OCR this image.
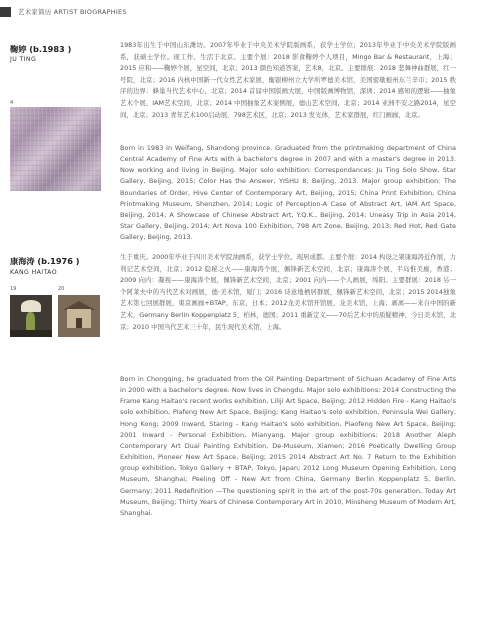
艺术家简历 ARTIST BIOGRAPHIES
鞠婷 (b.1983 )
JU TING
4
1983年出生于中国山东潍坊。2007年毕业于中央美术学院版画系，获学士学位；2013年毕业于中央美术学院版画系，获硕士学位。现工作、生活于北京。主要个展：2018 影食鞠婷个人项目，Mingo Bar & Restaurant，上海；2015 应和——鞠婷个展，星空间，北京；2013 颜色知道答案，艺术8，北京。主要群展：2018 悲舞神曲群展，红一号院，北京；2016 内核中国新一代女性艺术家展，衡银柳州立大学所罗德美术馆，美国密歇根州东兰辛市；2015 秩序的边界：蜂巢当代艺术中心，北京；2014 首届中国版画大展，中国版画博物馆，深圳；2014 感知的逻辑——抽象艺术个展，IAM艺术空间，北京；2014 中国抽象艺术案例展，德山艺术空间，北京；2014 亚洲不安之路2014，星空间，北京；2013 青年艺术100启动展，798艺术区，北京；2013 发光体，艺术家群展，红门画廊，北京。
Born in 1983 in Weifang, Shandong province. Graduated from the printmaking department of China Central Academy of Fine Arts with a bachelor's degree in 2007 and with a master's degree in 2013. Now working and living in Beijing. Major solo exhibition: Correspondances: Ju Ting Solo Show, Star Gallery, Beijing, 2015; Color Has the Answer, YISHU 8, Beijing, 2013. Major group exhibition: The Boundaries of Order, Hive Center of Contemporary Art, Beijing, 2015; China Print Exhibition, China Printmaking Museum, Shenzhen, 2014; Logic of Perception-A Case of Abstract Art, IAM Art Space, Beijing, 2014; A Showcase of Chinese Abstract Art, Y.Q.K., Beijing, 2014; Uneasy Trip in Asia 2014, Star Gallery, Beijing, 2014; Art Nova 100 Exhibition, 798 Art Zone, Beijing, 2013; Red Hot, Red Gate Gallery, Beijing, 2013.
康海涛 (b.1976 )
KANG HAITAO
19	20
生于重庆。2000年毕业于四川美术学院油画系，获学士学位。现居成都。主要个展：2014 构设之架康海涛近作展，力利记艺术空间，北京；2012 隐秘之火——康海涛个展，佩锋新艺术空间，北京；康海涛个展，半岛惟美廊，香港；2009 向内：凝视——康海涛个展，佩锋新艺术空间，北京；2001 向内——个人画展，绵阳。主要群展：2018 另一个阿莱夫中的当代艺术对画展，德·美术馆，厦门；2016 诗意地栖居群展，佩锋新艺术空间，北京；2015 2014独象艺术第七回展群展，東京画廊+BTAP，东京、日本；2012龙美术馆开馆展，龙美术馆，上海；剥离——来自中国的新艺术，Germany Berlin Koppenplatz 5，柏林，德国；2011 重新定义——70后艺术中的质疑精神，今日美术馆，北京；2010 中国当代艺术三十年，民生现代美术馆，上海。
Born in Chongqing, he graduated from the Oil Painting Department of Sichuan Academy of Fine Arts in 2000 with a bachelor's degree. Now lives in Chengdu. Major solo exhibitions: 2014 Constructing the Frame Kang Haitao's recent works exhibition, Liliji Art Space, Beijing; 2012 Hidden Fire - Kang Haitao's solo exhibition, Piafeng New Art Space, Beijing; Kang Haitao's solo exhibition, Peninsula Wei Gallery, Hong Kong; 2009 Inward, Staring - Kang Haitao's solo exhibition, Piaofeng New Art Space, Beijing; 2001 Inward - Personal Exhibition, Mianyang. Major group exhibitions: 2018 Another Aleph Contemporary Art Dual Painting Exhibition, De-Museum, Xiamen; 2016 Poetically Dwelling Group Exhibition, Pioneer New Art Space, Beijing; 2015 2014 Abstract Art No. 7 Return to the Exhibition group exhibition, Tokyo Gallery + BTAP, Tokyo, Japan; 2012 Long Museum Opening Exhibition, Long Museum, Shanghai; Peeling Off - New Art from China, Germany Berlin Koppenplatz 5, Berlin, Germany; 2011 Redefinition —The questioning spirit in the art of the post-70s generation, Today Art Museum, Beijing; Thirty Years of Chinese Contemporary Art in 2010, Minsheng Museum of Modern Art, Shanghai.
